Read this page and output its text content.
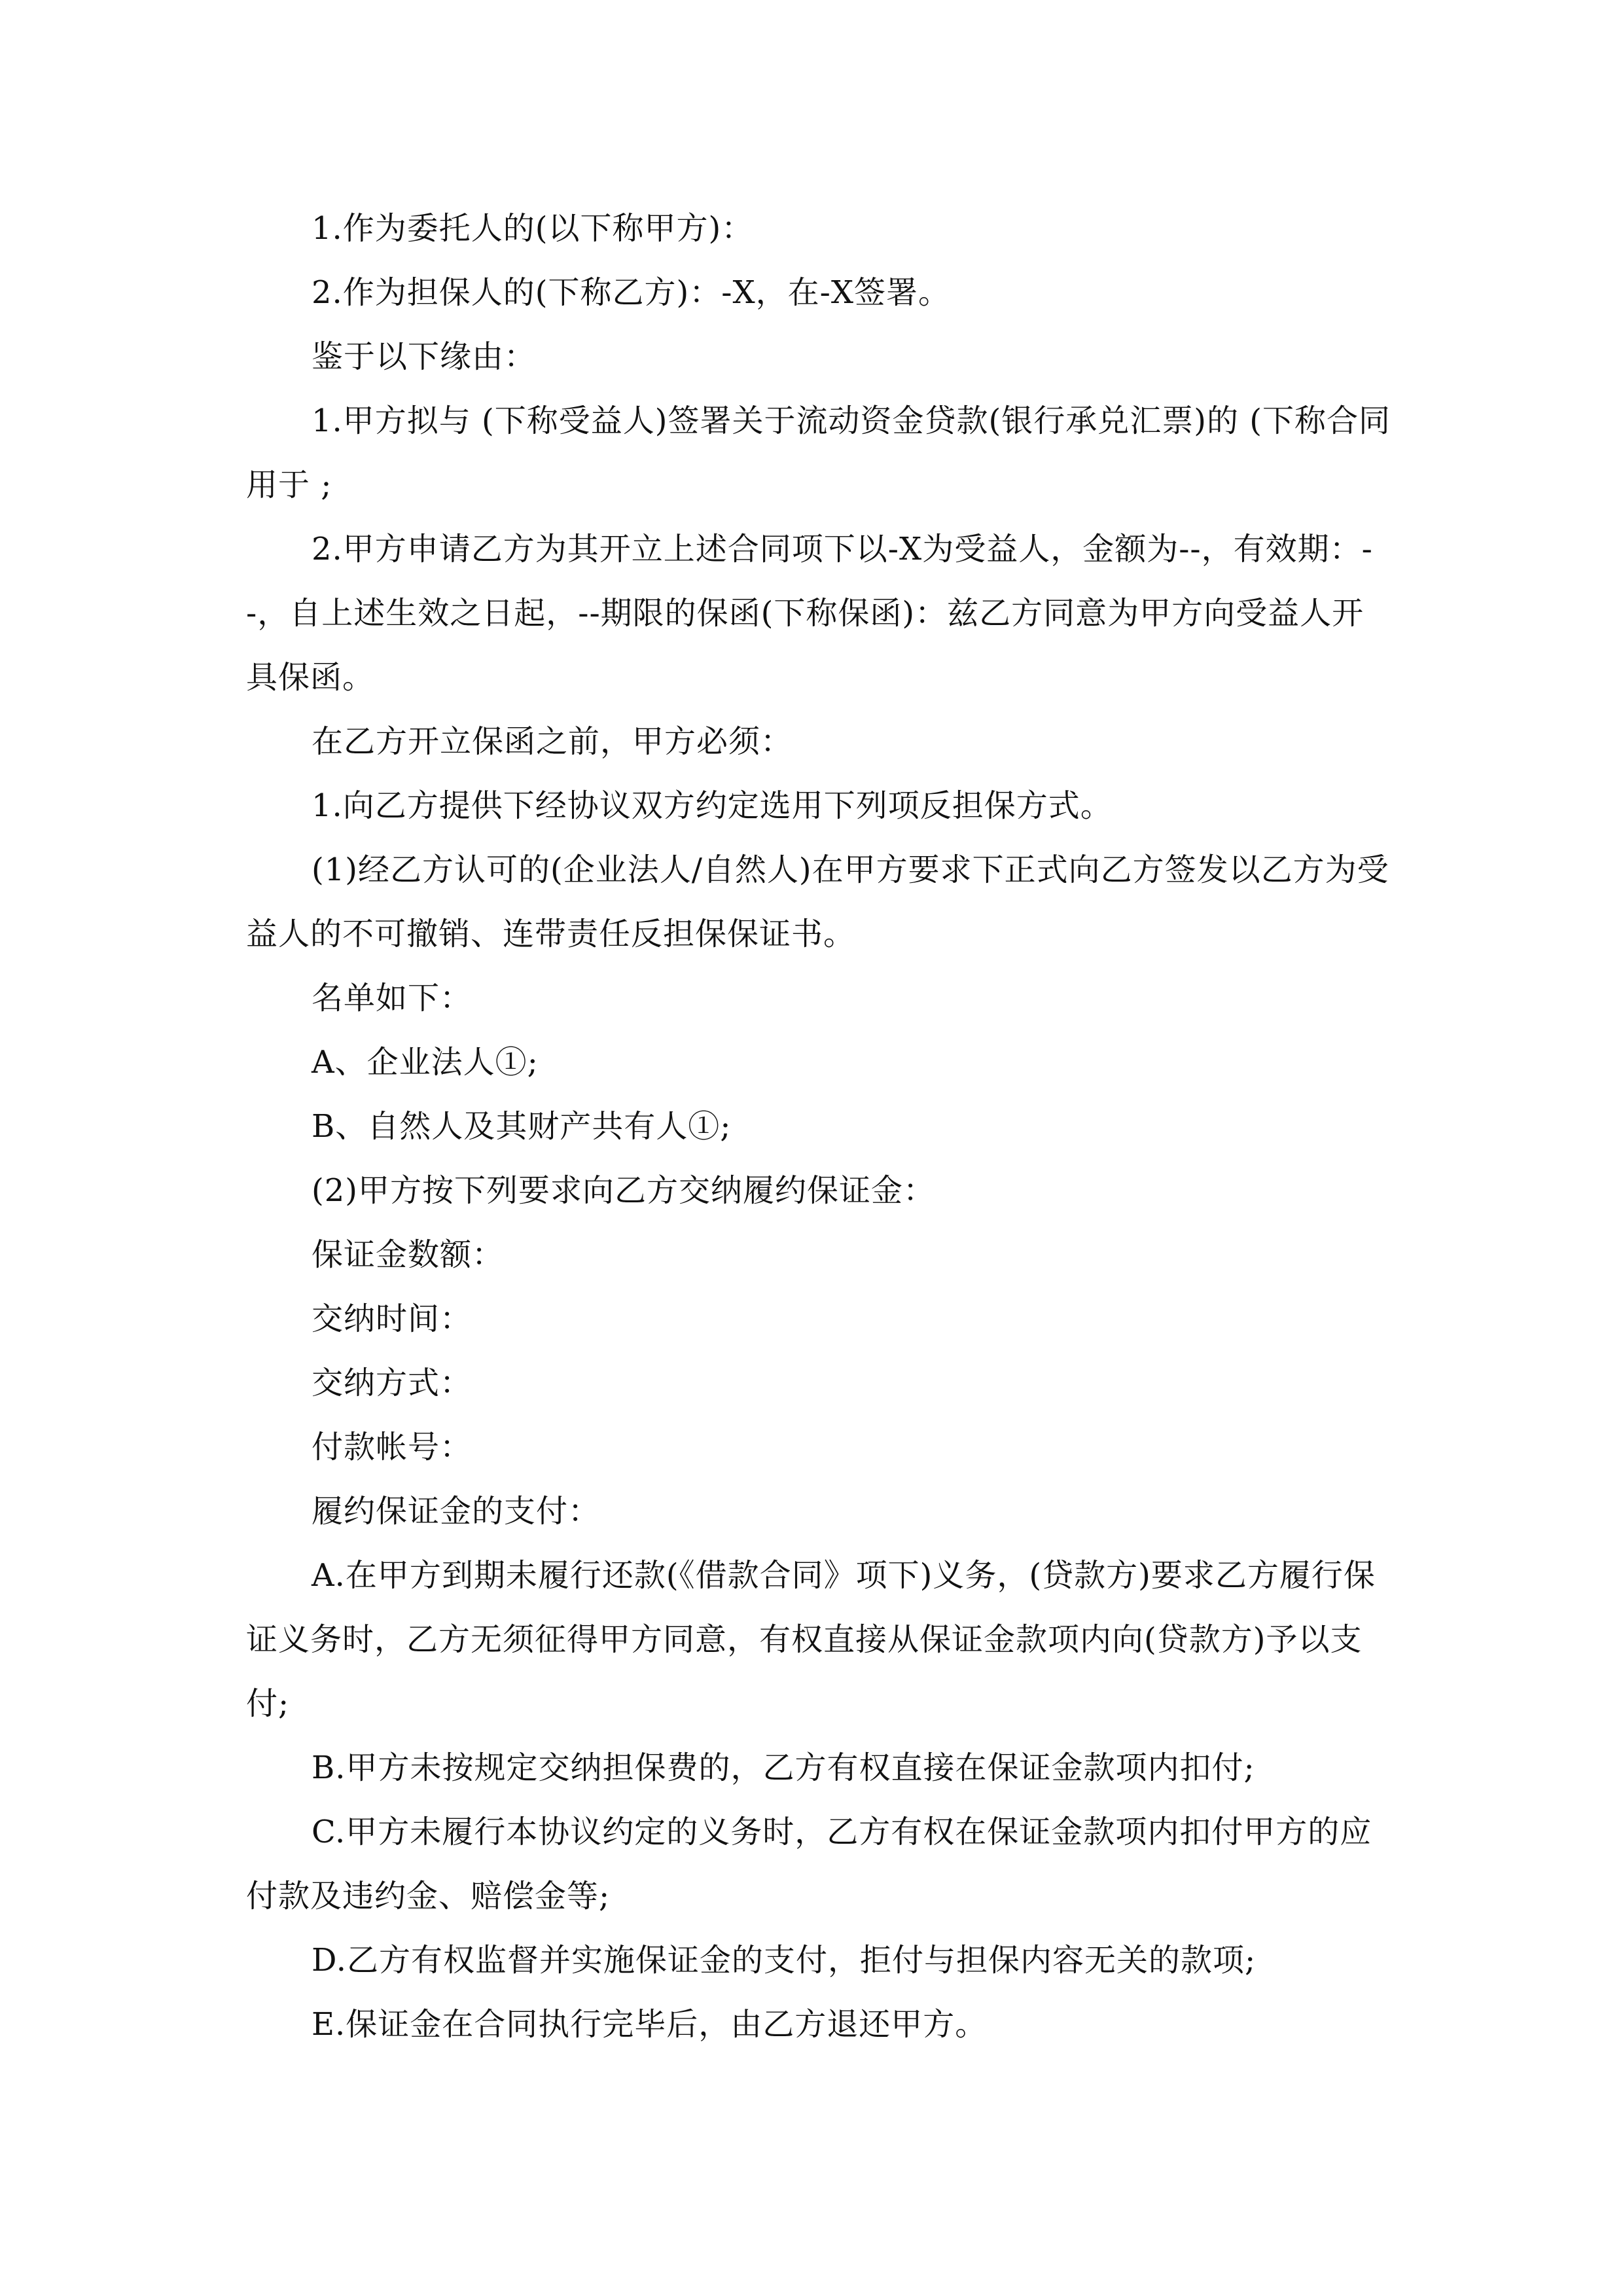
1.作为委托人的(以下称甲方)：

2.作为担保人的(下称乙方)：-X，在-X签署。

鉴于以下缘由：

1.甲方拟与 (下称受益人)签署关于流动资金贷款(银行承兑汇票)的 (下称合同用于 ;

2.甲方申请乙方为其开立上述合同项下以-X为受益人，金额为--，有效期：--，自上述生效之日起，--期限的保函(下称保函)：兹乙方同意为甲方向受益人开具保函。

在乙方开立保函之前，甲方必须：

1.向乙方提供下经协议双方约定选用下列项反担保方式。

(1)经乙方认可的(企业法人/自然人)在甲方要求下正式向乙方签发以乙方为受益人的不可撤销、连带责任反担保保证书。

名单如下：

A、企业法人①;

B、自然人及其财产共有人①;

(2)甲方按下列要求向乙方交纳履约保证金：

保证金数额：

交纳时间：

交纳方式：

付款帐号：

履约保证金的支付：

A.在甲方到期未履行还款(《借款合同》项下)义务，(贷款方)要求乙方履行保证义务时，乙方无须征得甲方同意，有权直接从保证金款项内向(贷款方)予以支付;

B.甲方未按规定交纳担保费的，乙方有权直接在保证金款项内扣付;

C.甲方未履行本协议约定的义务时，乙方有权在保证金款项内扣付甲方的应付款及违约金、赔偿金等;

D.乙方有权监督并实施保证金的支付，拒付与担保内容无关的款项;

E.保证金在合同执行完毕后，由乙方退还甲方。
